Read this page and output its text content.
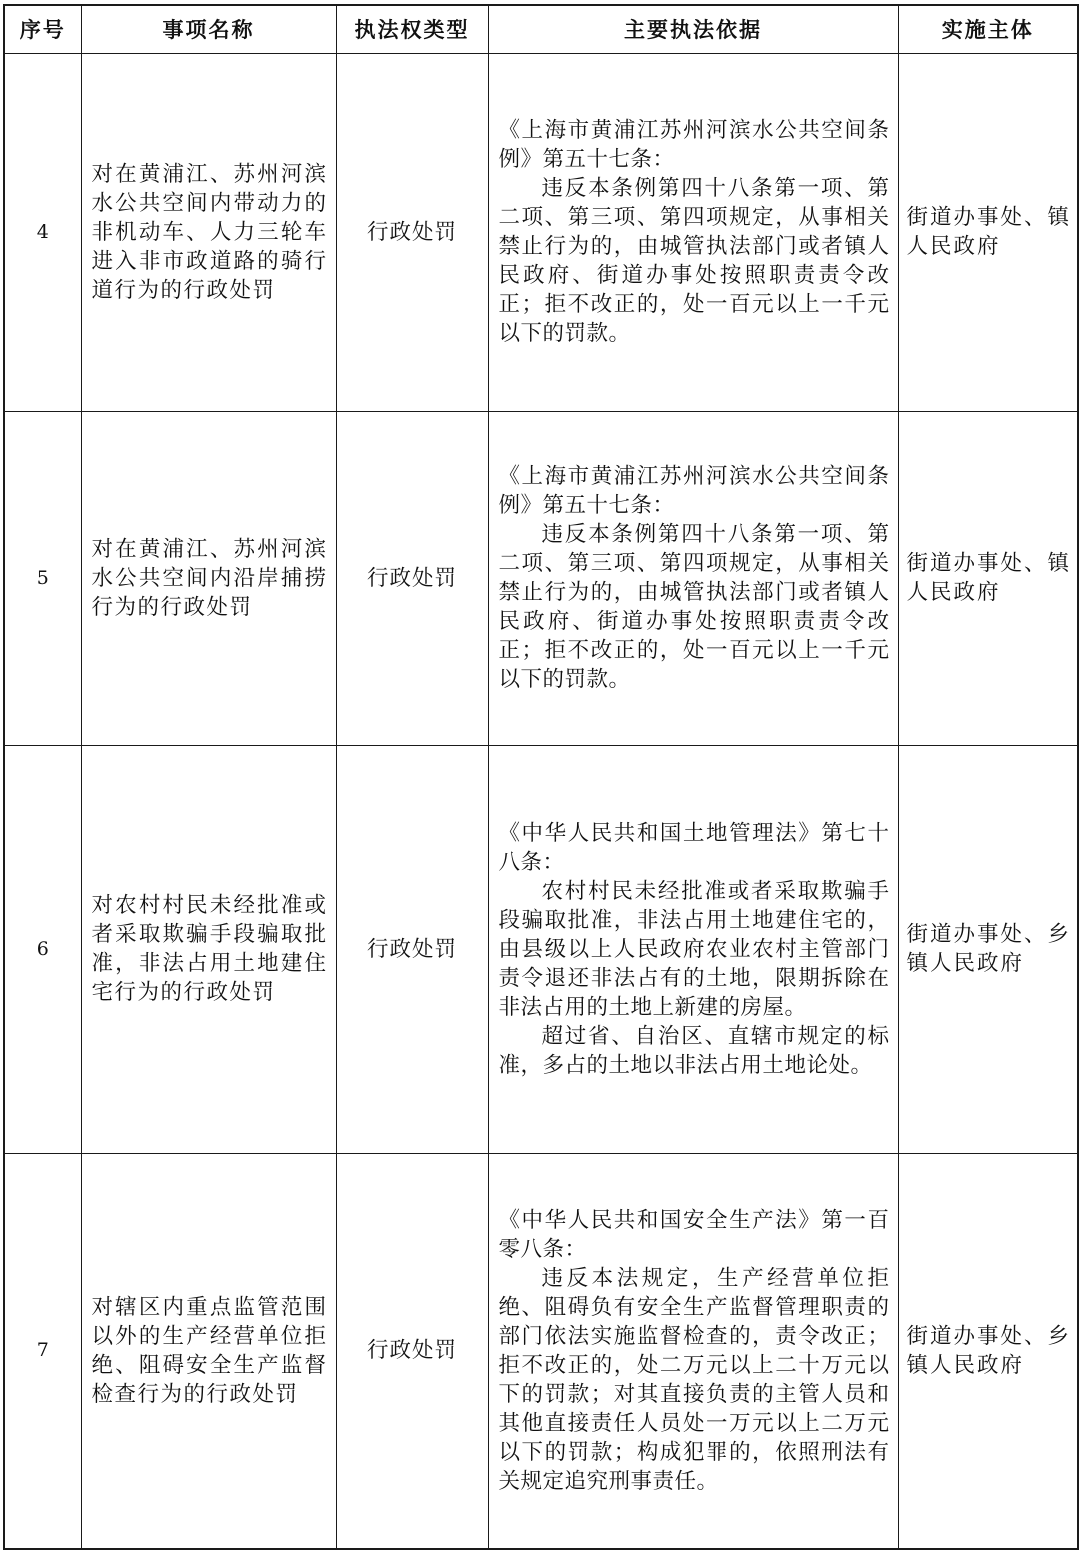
序号	事项名称	执法权类型	主要执法依据	实施主体
4	对在黄浦江、苏州河滨水公共空间内带动力的非机动车、人力三轮车进入非市政道路的骑行道行为的行政处罚	行政处罚	《上海市黄浦江苏州河滨水公共空间条例》第五十七条：

违反本条例第四十八条第一项、第二项、第三项、第四项规定，从事相关禁止行为的，由城管执法部门或者镇人民政府、街道办事处按照职责责令改正；拒不改正的，处一百元以上一千元以下的罚款。	街道办事处、镇人民政府
5	对在黄浦江、苏州河滨水公共空间内沿岸捕捞行为的行政处罚	行政处罚	《上海市黄浦江苏州河滨水公共空间条例》第五十七条：

违反本条例第四十八条第一项、第二项、第三项、第四项规定，从事相关禁止行为的，由城管执法部门或者镇人民政府、街道办事处按照职责责令改正；拒不改正的，处一百元以上一千元以下的罚款。	街道办事处、镇人民政府
6	对农村村民未经批准或者采取欺骗手段骗取批准，非法占用土地建住宅行为的行政处罚	行政处罚	《中华人民共和国土地管理法》第七十八条：

农村村民未经批准或者采取欺骗手段骗取批准，非法占用土地建住宅的，由县级以上人民政府农业农村主管部门责令退还非法占有的土地，限期拆除在非法占用的土地上新建的房屋。

超过省、自治区、直辖市规定的标准，多占的土地以非法占用土地论处。	街道办事处、乡镇人民政府
7	对辖区内重点监管范围以外的生产经营单位拒绝、阻碍安全生产监督检查行为的行政处罚	行政处罚	《中华人民共和国安全生产法》第一百零八条：

违反本法规定，生产经营单位拒绝、阻碍负有安全生产监督管理职责的部门依法实施监督检查的，责令改正；拒不改正的，处二万元以上二十万元以下的罚款；对其直接负责的主管人员和其他直接责任人员处一万元以上二万元以下的罚款；构成犯罪的，依照刑法有关规定追究刑事责任。	街道办事处、乡镇人民政府
